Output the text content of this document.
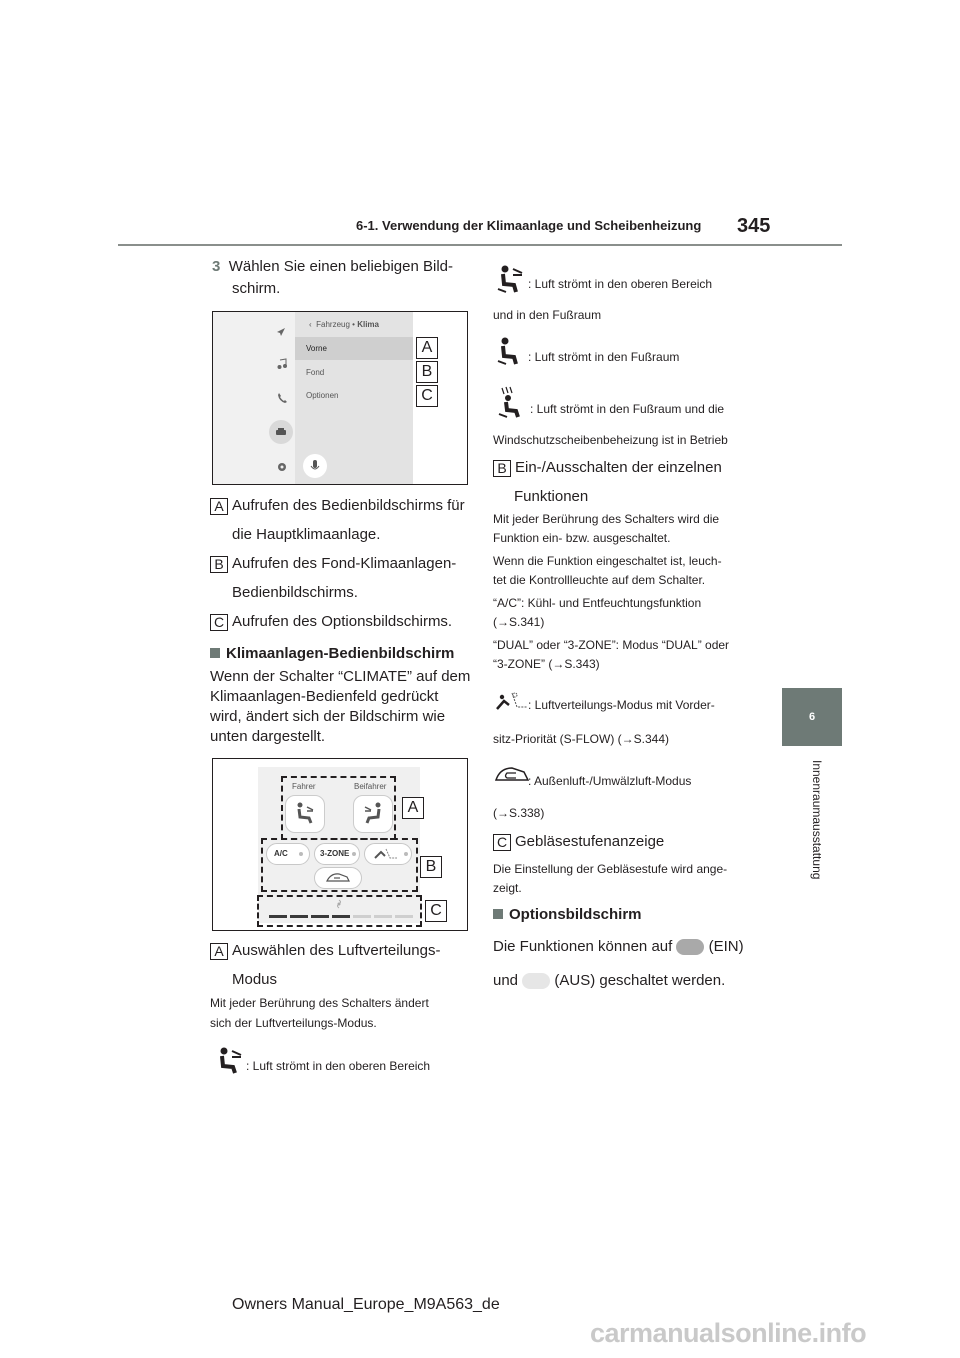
6-1. Verwendung der Klimaanlage und Scheibenheizung 345
6
Innenraumausstattung
3 Wählen Sie einen beliebigen Bild-
schirm.
‹ Fahrzeug • Klima
Vorne
Fond
Optionen
A
B
C
A Aufrufen des Bedienbildschirms für
die Hauptklimaanlage.
B Aufrufen des Fond-Klimaanlagen-
Bedienbildschirms.
C Aufrufen des Optionsbildschirms.
Klimaanlagen-Bedienbildschirm
Wenn der Schalter “CLIMATE” auf dem
Klimaanlagen-Bedienfeld gedrückt
wird, ändert sich der Bildschirm wie
unten dargestellt.
Fahrer	Beifahrer
A
A/C	3-ZONE
B
C
A Auswählen des Luftverteilungs-
Modus
Mit jeder Berührung des Schalters ändert
sich der Luftverteilungs-Modus.
: Luft strömt in den oberen Bereich
: Luft strömt in den oberen Bereich
und in den Fußraum
: Luft strömt in den Fußraum
: Luft strömt in den Fußraum und die
Windschutzscheibenbeheizung ist in Betrieb
B Ein-/Ausschalten der einzelnen
Funktionen
Mit jeder Berührung des Schalters wird die
Funktion ein- bzw. ausgeschaltet.
Wenn die Funktion eingeschaltet ist, leuch-
tet die Kontrollleuchte auf dem Schalter.
“A/C”: Kühl- und Entfeuchtungsfunktion
(→S.341)
“DUAL” oder “3-ZONE”: Modus “DUAL” oder
“3-ZONE” (→S.343)
: Luftverteilungs-Modus mit Vorder-
sitz-Priorität (S-FLOW) (→S.344)
: Außenluft-/Umwälzluft-Modus
(→S.338)
C Gebläsestufenanzeige
Die Einstellung der Gebläsestufe wird ange-
zeigt.
Optionsbildschirm
Die Funktionen können auf (EIN)
und (AUS) geschaltet werden.
Owners Manual_Europe_M9A563_de
carmanualsonline.info
